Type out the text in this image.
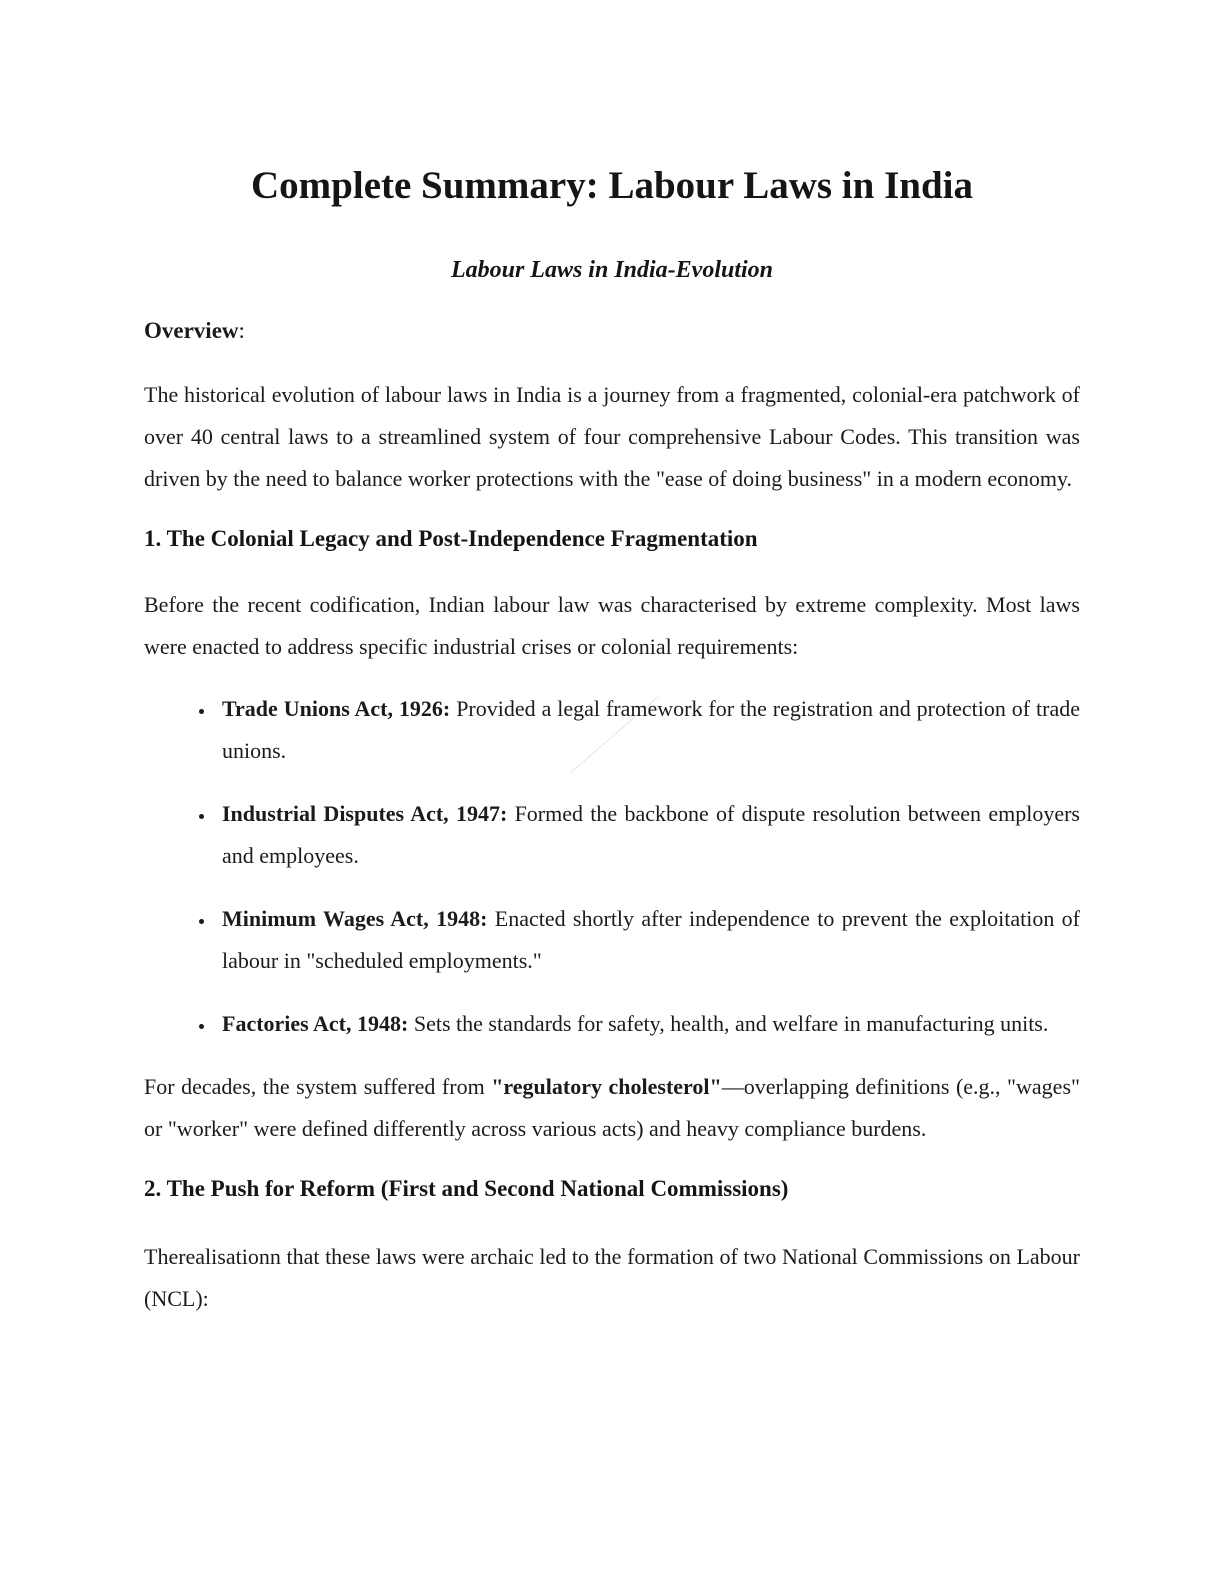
Complete Summary: Labour Laws in India
Labour Laws in India-Evolution

Overview:

The historical evolution of labour laws in India is a journey from a fragmented, colonial-era patchwork of over 40 central laws to a streamlined system of four comprehensive Labour Codes. This transition was driven by the need to balance worker protections with the "ease of doing business" in a modern economy.

1. The Colonial Legacy and Post-Independence Fragmentation

Before the recent codification, Indian labour law was characterised by extreme complexity. Most laws were enacted to address specific industrial crises or colonial requirements:

• Trade Unions Act, 1926: Provided a legal framework for the registration and protection of trade unions.
• Industrial Disputes Act, 1947: Formed the backbone of dispute resolution between employers and employees.
• Minimum Wages Act, 1948: Enacted shortly after independence to prevent the exploitation of labour in "scheduled employments."
• Factories Act, 1948: Sets the standards for safety, health, and welfare in manufacturing units.

For decades, the system suffered from "regulatory cholesterol"—overlapping definitions (e.g., "wages" or "worker" were defined differently across various acts) and heavy compliance burdens.

2. The Push for Reform (First and Second National Commissions)

Therealisationn that these laws were archaic led to the formation of two National Commissions on Labour (NCL):
